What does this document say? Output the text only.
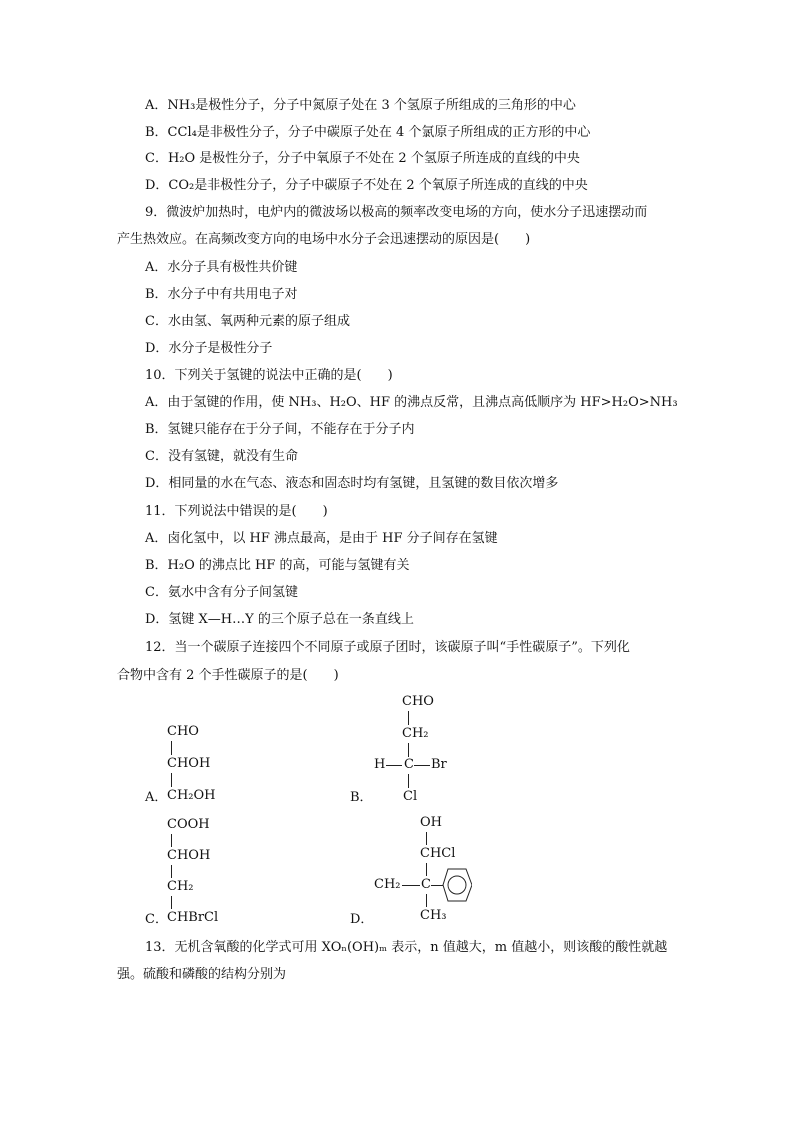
A．NH₃是极性分子，分子中氮原子处在 3 个氢原子所组成的三角形的中心
B．CCl₄是非极性分子，分子中碳原子处在 4 个氯原子所组成的正方形的中心
C．H₂O 是极性分子，分子中氧原子不处在 2 个氢原子所连成的直线的中央
D．CO₂是非极性分子，分子中碳原子不处在 2 个氧原子所连成的直线的中央
9．微波炉加热时，电炉内的微波场以极高的频率改变电场的方向，使水分子迅速摆动而
产生热效应。在高频改变方向的电场中水分子会迅速摆动的原因是(　　)
A．水分子具有极性共价键
B．水分子中有共用电子对
C．水由氢、氧两种元素的原子组成
D．水分子是极性分子
10．下列关于氢键的说法中正确的是(　　)
A．由于氢键的作用，使 NH₃、H₂O、HF 的沸点反常，且沸点高低顺序为 HF>H₂O>NH₃
B．氢键只能存在于分子间，不能存在于分子内
C．没有氢键，就没有生命
D．相同量的水在气态、液态和固态时均有氢键，且氢键的数目依次增多
11．下列说法中错误的是(　　)
A．卤化氢中，以 HF 沸点最高，是由于 HF 分子间存在氢键
B．H₂O 的沸点比 HF 的高，可能与氢键有关
C．氨水中含有分子间氢键
D．氢键 X—H…Y 的三个原子总在一条直线上
12．当一个碳原子连接四个不同原子或原子团时，该碳原子叫“手性碳原子”。下列化
合物中含有 2 个手性碳原子的是(　　)
A．
CHO
CHOH
CH₂OH	B．
CHO
CH₂
H C Br
Cl
C．
COOH
CHOH
CH₂
CHBrCl	D．
OH
CHCl
CH₂ C
CH₃
13．无机含氧酸的化学式可用 XOₙ(OH)ₘ 表示，n 值越大，m 值越小，则该酸的酸性就越
强。硫酸和磷酸的结构分别为
